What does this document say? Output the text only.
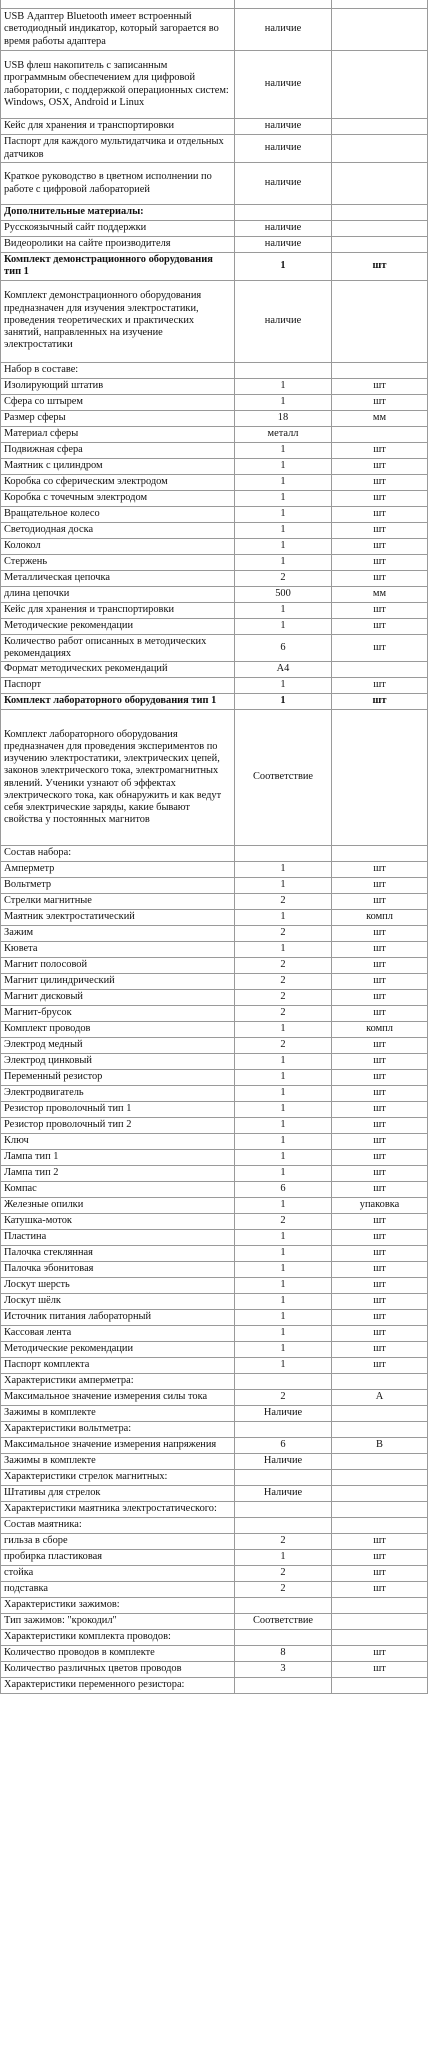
USB Адаптер Bluetooth имеет встроенный светодиодный индикатор, который загорается во время работы адаптера	наличие	
USB флеш накопитель с записанным программным обеспечением для цифровой лаборатории, с поддержкой операционных систем: Windows, OSX, Android и Linux	наличие	
Кейс для хранения и транспортировки	наличие	
Паспорт для каждого мультидатчика и отдельных датчиков	наличие	
Краткое руководство в цветном исполнении по работе с цифровой лабораторией	наличие	
Дополнительные материалы:		
Русскоязычный сайт поддержки	наличие	
Видеоролики на сайте производителя	наличие	
Комплект демонстрационного оборудования тип 1	1	шт
Комплект демонстрационного оборудования предназначен для изучения электростатики, проведения теоретических и практических занятий, направленных на изучение электростатики	наличие	
Набор в составе:		
Изолирующий штатив	1	шт
Сфера со штырем	1	шт
Размер сферы	18	мм
Материал сферы	металл	
Подвижная сфера	1	шт
Маятник с цилиндром	1	шт
Коробка со сферическим электродом	1	шт
Коробка с точечным электродом	1	шт
Вращательное колесо	1	шт
Светодиодная доска	1	шт
Колокол	1	шт
Стержень	1	шт
Металлическая цепочка	2	шт
длина цепочки	500	мм
Кейс для хранения и транспортировки	1	шт
Методические рекомендации	1	шт
Количество работ описанных в методических рекомендациях	6	шт
Формат методических рекомендаций	А4	
Паспорт	1	шт
Комплект лабораторного оборудования тип 1	1	шт
Комплект лабораторного оборудования предназначен для проведения экспериментов по изучению электростатики, электрических цепей, законов электрического тока, электромагнитных явлений. Ученики узнают об эффектах электрического тока, как обнаружить и как ведут себя электрические заряды, какие бывают свойства у постоянных магнитов	Соответствие	
Состав набора:		
Амперметр	1	шт
Вольтметр	1	шт
Стрелки магнитные	2	шт
Маятник электростатический	1	компл
Зажим	2	шт
Кювета	1	шт
Магнит полосовой	2	шт
Магнит цилиндрический	2	шт
Магнит дисковый	2	шт
Магнит-брусок	2	шт
Комплект проводов	1	компл
Электрод медный	2	шт
Электрод цинковый	1	шт
Переменный резистор	1	шт
Электродвигатель	1	шт
Резистор проволочный тип 1	1	шт
Резистор проволочный тип 2	1	шт
Ключ	1	шт
Лампа тип 1	1	шт
Лампа тип 2	1	шт
Компас	6	шт
Железные опилки	1	упаковка
Катушка-моток	2	шт
Пластина	1	шт
Палочка стеклянная	1	шт
Палочка эбонитовая	1	шт
Лоскут шерсть	1	шт
Лоскут шёлк	1	шт
Источник питания лабораторный	1	шт
Кассовая лента	1	шт
Методические рекомендации	1	шт
Паспорт комплекта	1	шт
Характеристики амперметра:		
Максимальное значение измерения силы тока	2	А
Зажимы в комплекте	Наличие	
Характеристики вольтметра:		
Максимальное значение измерения напряжения	6	В
Зажимы в комплекте	Наличие	
Характеристики стрелок магнитных:		
Штативы для стрелок	Наличие	
Характеристики маятника электростатического:		
Состав маятника:		
гильза в сборе	2	шт
пробирка пластиковая	1	шт
стойка	2	шт
подставка	2	шт
Характеристики зажимов:		
Тип зажимов: "крокодил"	Соответствие	
Характеристики комплекта проводов:		
Количество проводов в комплекте	8	шт
Количество различных цветов проводов	3	шт
Характеристики переменного резистора:		
